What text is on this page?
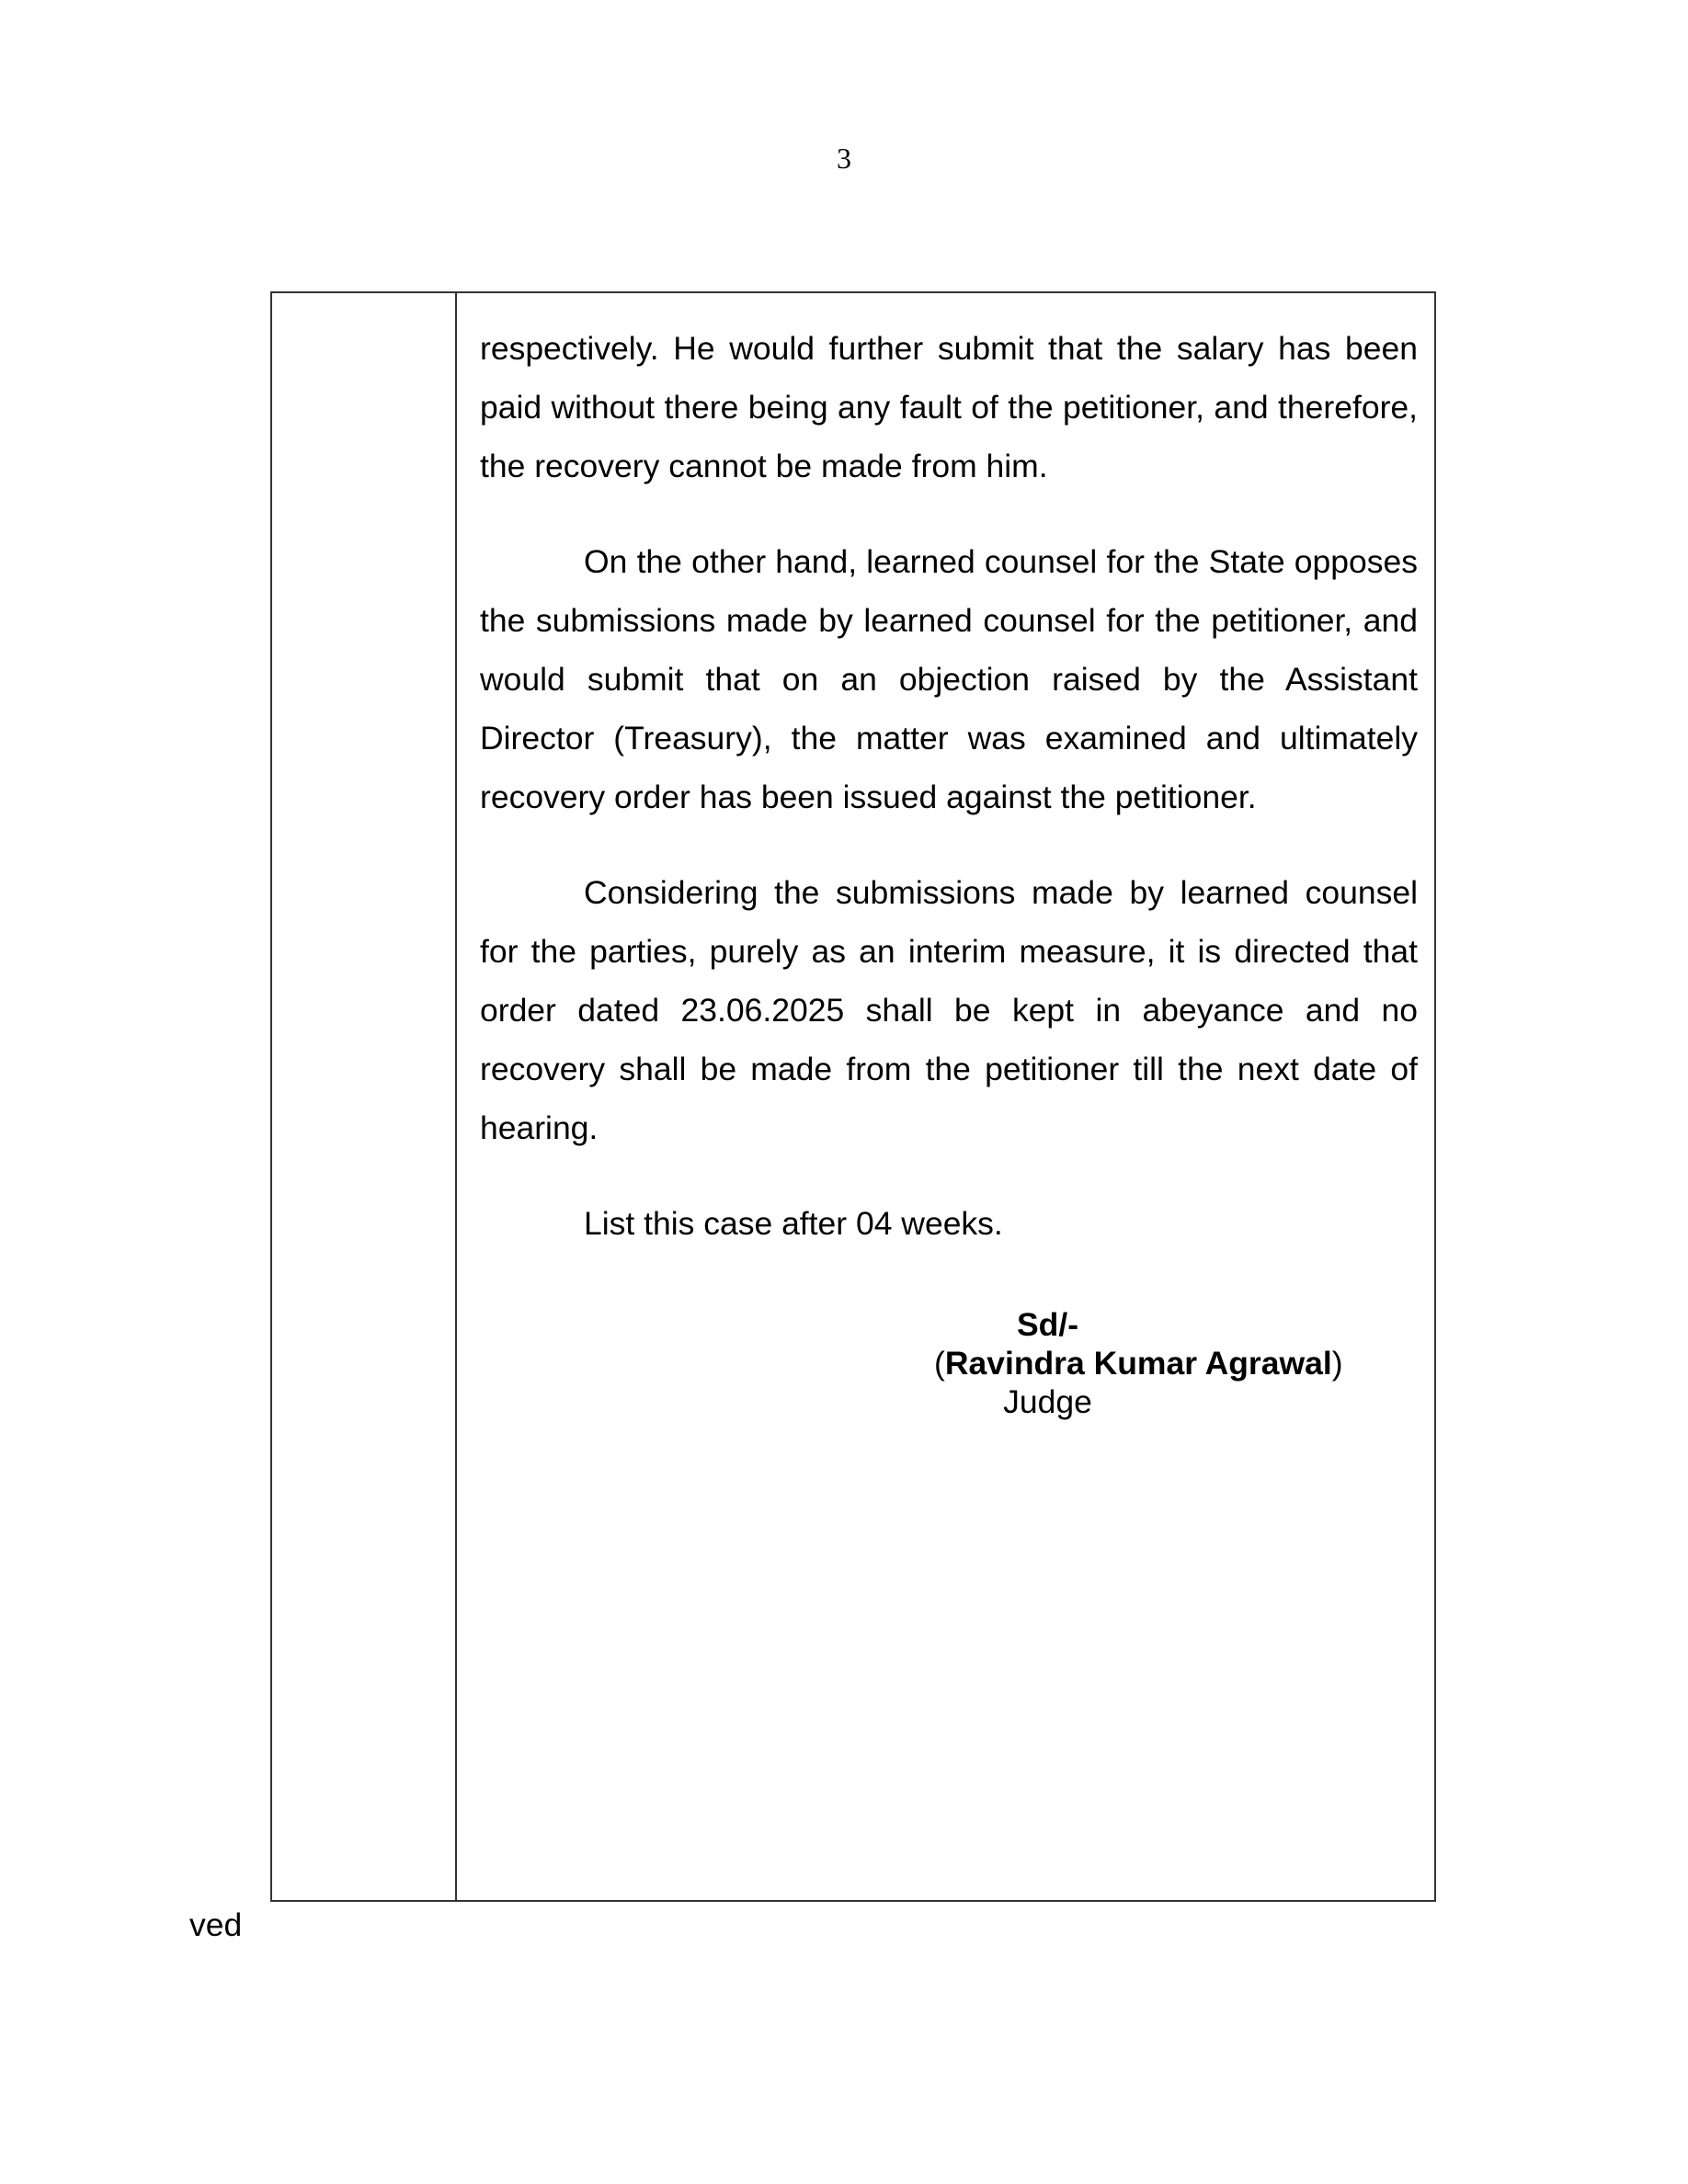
3

respectively. He would further submit that the salary has been paid without there being any fault of the petitioner, and therefore, the recovery cannot be made from him.

On the other hand, learned counsel for the State opposes the submissions made by learned counsel for the petitioner, and would submit that on an objection raised by the Assistant Director (Treasury), the matter was examined and ultimately recovery order has been issued against the petitioner.

Considering the submissions made by learned counsel for the parties, purely as an interim measure, it is directed that order dated 23.06.2025 shall be kept in abeyance and no recovery shall be made from the petitioner till the next date of hearing.

List this case after 04 weeks.

Sd/-

(Ravindra Kumar Agrawal)

Judge

ved
